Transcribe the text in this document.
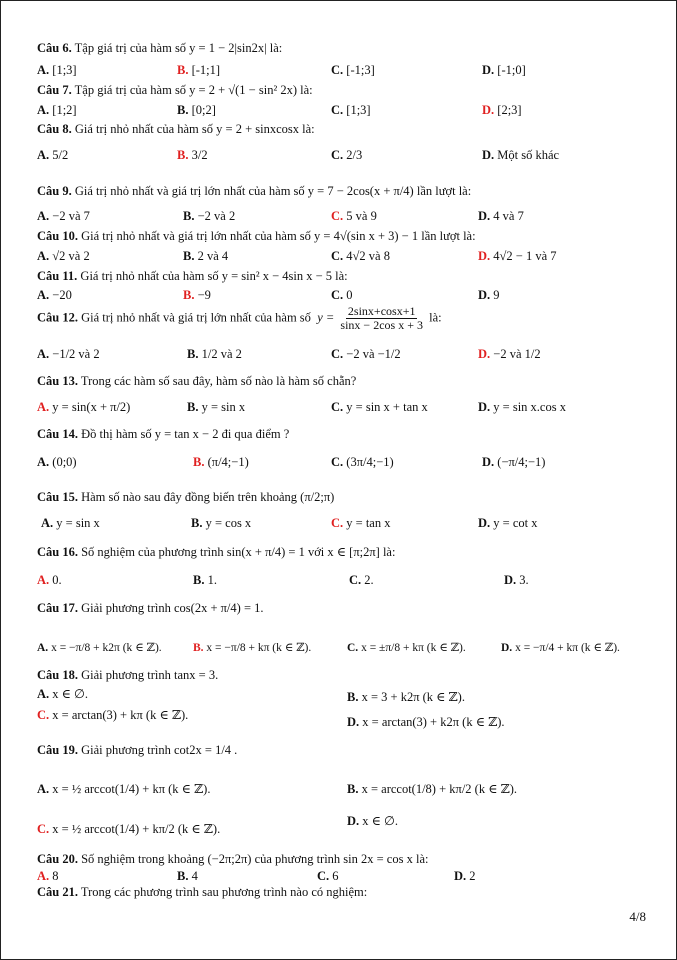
Câu 6. Tập giá trị của hàm số y = 1 − 2|sin2x| là:
A. [1;3]	B. [-1;1]	C. [-1;3]	D. [-1;0]
Câu 7. Tập giá trị của hàm số y = 2 + √(1 − sin² 2x) là:
A. [1;2]	B. [0;2]	C. [1;3]	D. [2;3]
Câu 8. Giá trị nhỏ nhất của hàm số y = 2 + sinxcosx là:
A. 5/2	B. 3/2	C. 2/3	D. Một số khác
Câu 9. Giá trị nhỏ nhất và giá trị lớn nhất của hàm số y = 7 − 2cos(x + π/4) lần lượt là:
A. −2 và 7	B. −2 và 2	C. 5 và 9	D. 4 và 7
Câu 10. Giá trị nhỏ nhất và giá trị lớn nhất của hàm số y = 4√(sin x + 3) − 1 lần lượt là:
A. √2 và 2	B. 2 và 4	C. 4√2 và 8	D. 4√2 − 1 và 7
Câu 11. Giá trị nhỏ nhất của hàm số y = sin² x − 4sin x − 5 là:
A. −20	B. −9	C. 0	D. 9
Câu 12. Giá trị nhỏ nhất và giá trị lớn nhất của hàm số  $y = \frac{2\sin x+\cos x+1}{\text{sinx − 2cos x + 3}}$ là:
A. −1/2 và 2	B. 1/2 và 2	C. −2 và −1/2	D. −2 và 1/2
Câu 13. Trong các hàm số sau đây, hàm số nào là hàm số chẵn?
A. y = sin(x + π/2)	B. y = sin x	C. y = sin x + tan x	D. y = sin x.cos x
Câu 14. Đồ thị hàm số y = tan x − 2 đi qua điểm ?
A. (0;0)	B. (π/4;−1)	C. (3π/4;−1)	D. (−π/4;−1)
Câu 15. Hàm số nào sau đây đồng biến trên khoảng (π/2;π)
A. y = sin x	B. y = cos x	C. y = tan x	D. y = cot x
Câu 16. Số nghiệm của phương trình sin(x + π/4) = 1 với x ∈ [π;2π] là:
A. 0.	B. 1.	C. 2.	D. 3.
Câu 17. Giải phương trình cos(2x + π/4) = 1.
A. x = −π/8 + k2π (k ∈ ℤ).	B. x = −π/8 + kπ (k ∈ ℤ).	C. x = ±π/8 + kπ (k ∈ ℤ).	D. x = −π/4 + kπ (k ∈ ℤ).
Câu 18. Giải phương trình tanx = 3.
A. x ∈ ∅.	B. x = 3 + k2π (k ∈ ℤ).
C. x = arctan(3) + kπ (k ∈ ℤ).	D. x = arctan(3) + k2π (k ∈ ℤ).
Câu 19. Giải phương trình cot2x = 1/4 .
A. x = ½ arccot(1/4) + kπ (k ∈ ℤ).	B. x = arccot(1/8) + kπ/2 (k ∈ ℤ).
C. x = ½ arccot(1/4) + kπ/2 (k ∈ ℤ).
D. x ∈ ∅.
Câu 20. Số nghiệm trong khoảng (−2π;2π) của phương trình sin 2x = cos x là:
A. 8	B. 4	C. 6	D. 2
Câu 21. Trong các phương trình sau phương trình nào có nghiệm:
4/8
